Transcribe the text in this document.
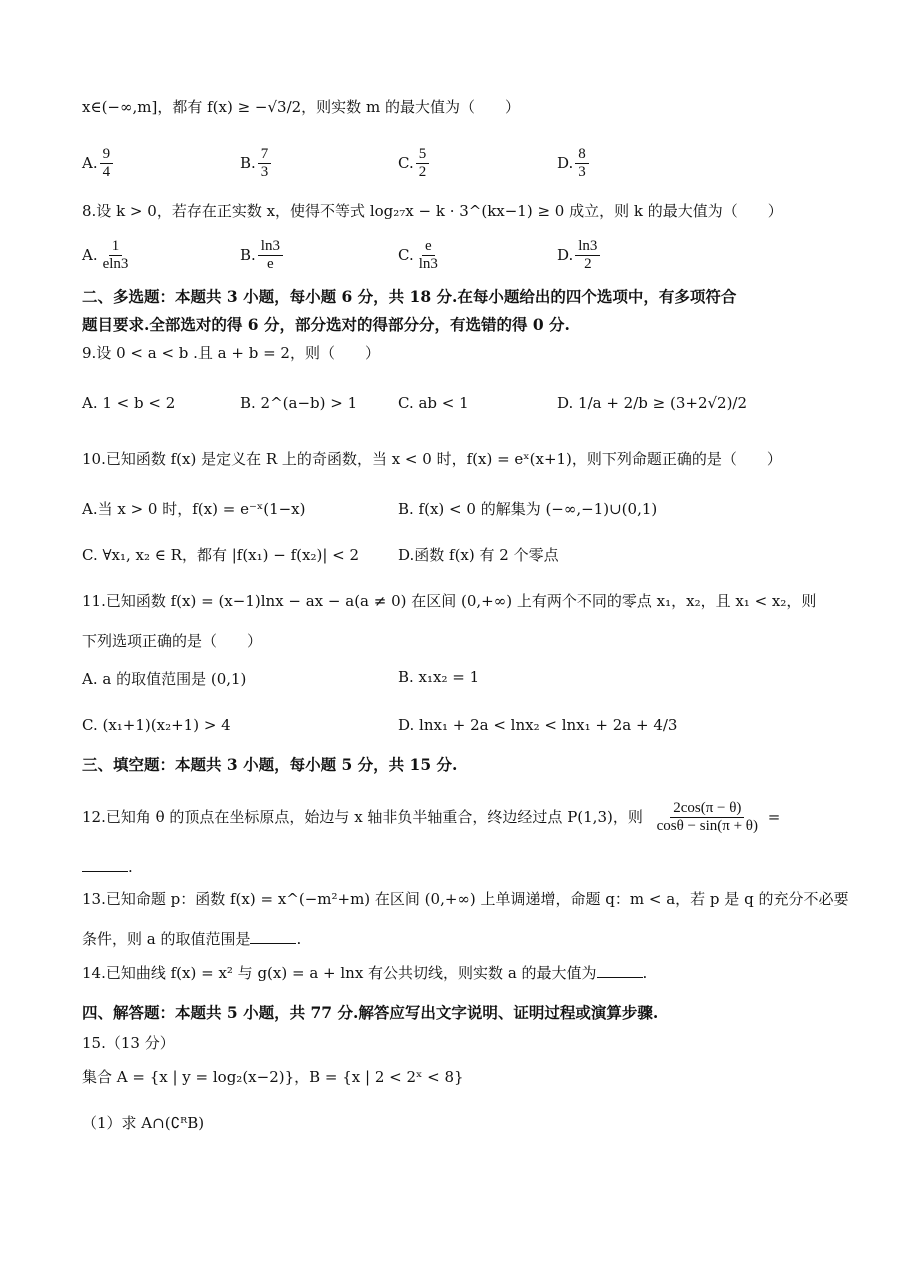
x∈(−∞,m]，都有 f(x) ≥ −√3/2，则实数 m 的最大值为（　　）
A. $\frac{9}{4}$	B. $\frac{7}{3}$	C. $\frac{5}{2}$	D. $\frac{8}{3}$
8.设 k > 0，若存在正实数 x，使得不等式 log₂₇x − k · 3^(kx−1) ≥ 0 成立，则 k 的最大值为（　　）
A. $\frac{1}{eln3}$	B. $\frac{\ln 3}{e}$	C. $\frac{e}{\ln 3}$	D. $\frac{\ln 3}{2}$
二、多选题：本题共 3 小题，每小题 6 分，共 18 分.在每小题给出的四个选项中，有多项符合
题目要求.全部选对的得 6 分，部分选对的得部分分，有选错的得 0 分.
9.设 0 < a < b .且 a + b = 2，则（　　）
A. 1 < b < 2	B. 2^(a−b) > 1	C. ab < 1	D. 1/a + 2/b ≥ (3+2√2)/2
10.已知函数 f(x) 是定义在 R 上的奇函数，当 x < 0 时，f(x) = eˣ(x+1)，则下列命题正确的是（　　）
A.当 x > 0 时，f(x) = e⁻ˣ(1−x)	B. f(x) < 0 的解集为 (−∞,−1)∪(0,1)
C. ∀x₁, x₂ ∈ R，都有 |f(x₁) − f(x₂)| < 2	D.函数 f(x) 有 2 个零点
11.已知函数 f(x) = (x−1)lnx − ax − a(a ≠ 0) 在区间 (0,+∞) 上有两个不同的零点 x₁，x₂，且 x₁ < x₂，则
下列选项正确的是（　　）
A. a 的取值范围是 (0,1)	B. x₁x₂ = 1
C. (x₁+1)(x₂+1) > 4	D. lnx₁ + 2a < lnx₂ < lnx₁ + 2a + 4/3
三、填空题：本题共 3 小题，每小题 5 分，共 15 分.
12.已知角 θ 的顶点在坐标原点，始边与 x 轴非负半轴重合，终边经过点 P(1,3)，则 $\frac{2\cos(\pi - \theta)}{\cos\theta - \sin(\pi + \theta)}$ =
.
13.已知命题 p：函数 f(x) = x^(−m²+m) 在区间 (0,+∞) 上单调递增，命题 q：m < a，若 p 是 q 的充分不必要
条件，则 a 的取值范围是	.
14.已知曲线 f(x) = x² 与 g(x) = a + lnx 有公共切线，则实数 a 的最大值为	.
四、解答题：本题共 5 小题，共 77 分.解答应写出文字说明、证明过程或演算步骤.
15.（13 分）
集合 A = {x | y = log₂(x−2)}，B = {x | 2 < 2ˣ < 8}
（1）求 A∩(∁ᴿB)
